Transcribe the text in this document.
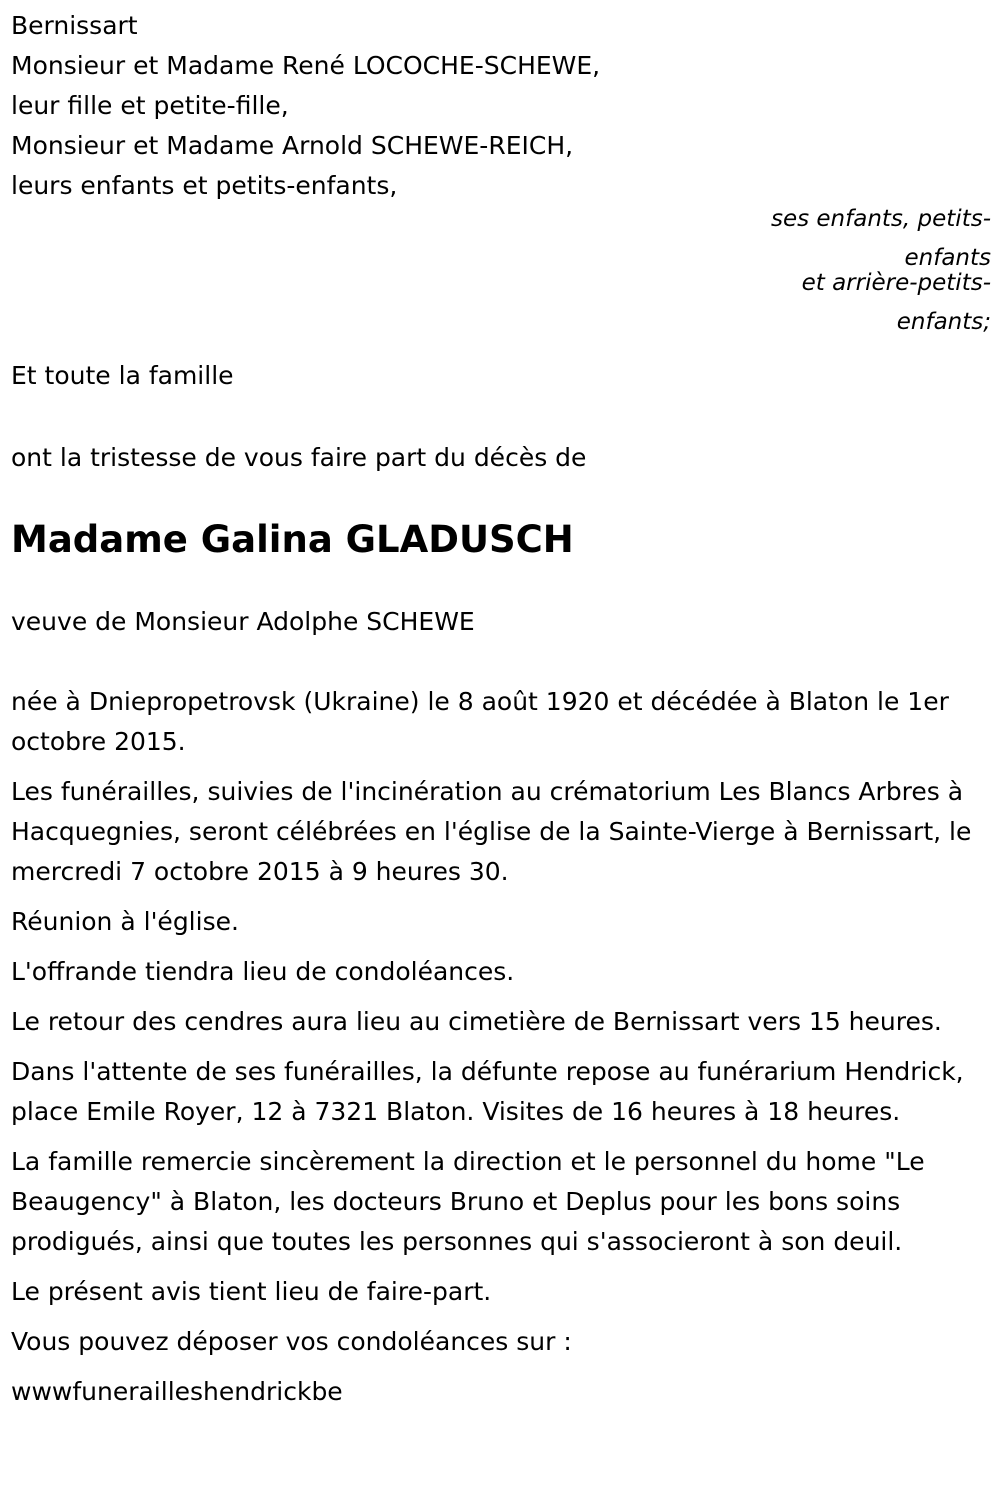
Bernissart

Monsieur et Madame René LOCOCHE-SCHEWE,

leur fille et petite-fille,

Monsieur et Madame Arnold SCHEWE-REICH,

leurs enfants et petits-enfants,

ses enfants, petits-enfants
et arrière-petits-enfants;

Et toute la famille

ont la tristesse de vous faire part du décès de

Madame Galina GLADUSCH

veuve de Monsieur Adolphe SCHEWE

née à Dniepropetrovsk (Ukraine) le 8 août 1920 et décédée à Blaton le 1er octobre 2015.

Les funérailles, suivies de l'incinération au crématorium Les Blancs Arbres à Hacquegnies, seront célébrées en l'église de la Sainte-Vierge à Bernissart, le mercredi 7 octobre 2015 à 9 heures 30.

Réunion à l'église.

L'offrande tiendra lieu de condoléances.

Le retour des cendres aura lieu au cimetière de Bernissart vers 15 heures.

Dans l'attente de ses funérailles, la défunte repose au funérarium Hendrick, place Emile Royer, 12 à 7321 Blaton. Visites de 16 heures à 18 heures.

La famille remercie sincèrement la direction et le personnel du home "Le Beaugency" à Blaton, les docteurs Bruno et Deplus pour les bons soins prodigués, ainsi que toutes les personnes qui s'associeront à son deuil.

Le présent avis tient lieu de faire-part.

Vous pouvez déposer vos condoléances sur :

wwwfunerailleshendrickbe
